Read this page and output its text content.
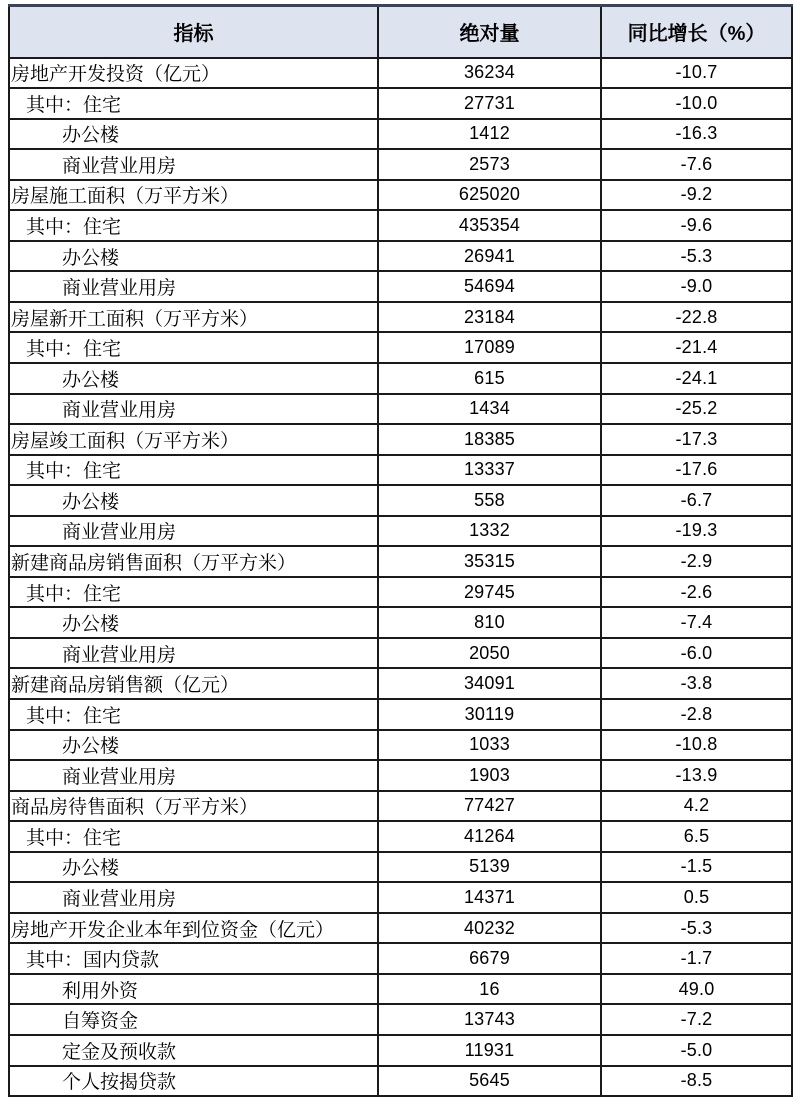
指标	绝对量	同比增长（%）
房地产开发投资（亿元）	36234	-10.7
其中：住宅	27731	-10.0
办公楼	1412	-16.3
商业营业用房	2573	-7.6
房屋施工面积（万平方米）	625020	-9.2
其中：住宅	435354	-9.6
办公楼	26941	-5.3
商业营业用房	54694	-9.0
房屋新开工面积（万平方米）	23184	-22.8
其中：住宅	17089	-21.4
办公楼	615	-24.1
商业营业用房	1434	-25.2
房屋竣工面积（万平方米）	18385	-17.3
其中：住宅	13337	-17.6
办公楼	558	-6.7
商业营业用房	1332	-19.3
新建商品房销售面积（万平方米）	35315	-2.9
其中：住宅	29745	-2.6
办公楼	810	-7.4
商业营业用房	2050	-6.0
新建商品房销售额（亿元）	34091	-3.8
其中：住宅	30119	-2.8
办公楼	1033	-10.8
商业营业用房	1903	-13.9
商品房待售面积（万平方米）	77427	4.2
其中：住宅	41264	6.5
办公楼	5139	-1.5
商业营业用房	14371	0.5
房地产开发企业本年到位资金（亿元）	40232	-5.3
其中：国内贷款	6679	-1.7
利用外资	16	49.0
自筹资金	13743	-7.2
定金及预收款	11931	-5.0
个人按揭贷款	5645	-8.5
